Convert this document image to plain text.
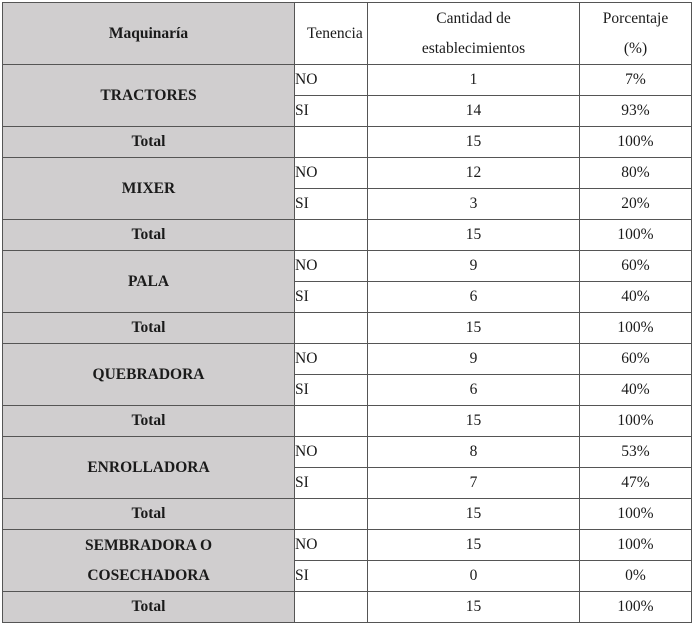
Maquinaría	Tenencia	Cantidad de establecimientos	Porcentaje (%)
TRACTORES	NO	1	7%
	SI	14	93%
Total		15	100%
MIXER	NO	12	80%
	SI	3	20%
Total		15	100%
PALA	NO	9	60%
	SI	6	40%
Total		15	100%
QUEBRADORA	NO	9	60%
	SI	6	40%
Total		15	100%
ENROLLADORA	NO	8	53%
	SI	7	47%
Total		15	100%
SEMBRADORA O COSECHADORA	NO	15	100%
	SI	0	0%
Total		15	100%
